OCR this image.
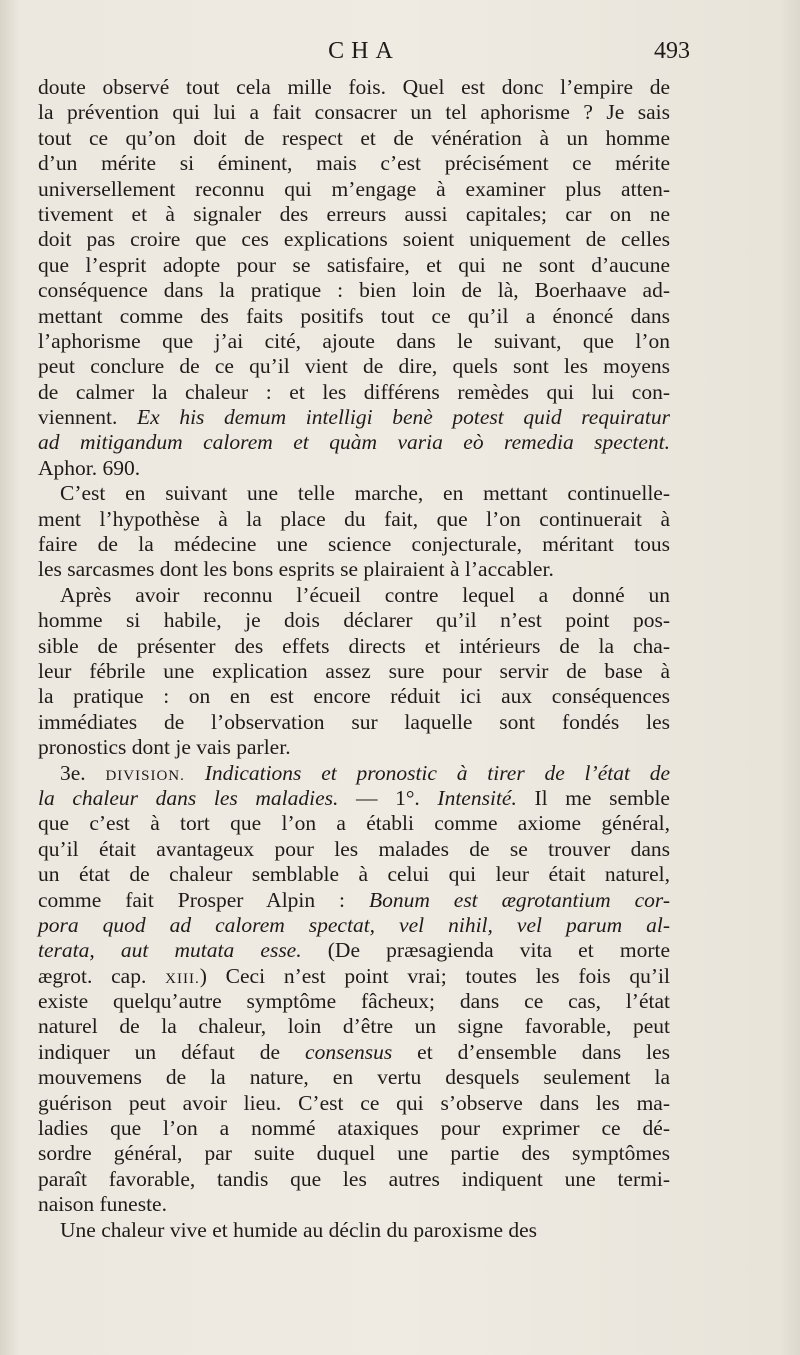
CHA	493
doute observé tout cela mille fois. Quel est donc l’empire de
la prévention qui lui a fait consacrer un tel aphorisme ? Je sais
tout ce qu’on doit de respect et de vénération à un homme
d’un mérite si éminent, mais c’est précisément ce mérite
universellement reconnu qui m’engage à examiner plus atten-
tivement et à signaler des erreurs aussi capitales; car on ne
doit pas croire que ces explications soient uniquement de celles
que l’esprit adopte pour se satisfaire, et qui ne sont d’aucune
conséquence dans la pratique : bien loin de là, Boerhaave ad-
mettant comme des faits positifs tout ce qu’il a énoncé dans
l’aphorisme que j’ai cité, ajoute dans le suivant, que l’on
peut conclure de ce qu’il vient de dire, quels sont les moyens
de calmer la chaleur : et les différens remèdes qui lui con-
viennent. Ex his demum intelligi benè potest quid requiratur
ad mitigandum calorem et quàm varia eò remedia spectent.
Aphor. 690.
C’est en suivant une telle marche, en mettant continuelle-
ment l’hypothèse à la place du fait, que l’on continuerait à
faire de la médecine une science conjecturale, méritant tous
les sarcasmes dont les bons esprits se plairaient à l’accabler.
Après avoir reconnu l’écueil contre lequel a donné un
homme si habile, je dois déclarer qu’il n’est point pos-
sible de présenter des effets directs et intérieurs de la cha-
leur fébrile une explication assez sure pour servir de base à
la pratique : on en est encore réduit ici aux conséquences
immédiates de l’observation sur laquelle sont fondés les
pronostics dont je vais parler.
3e. DIVISION. Indications et pronostic à tirer de l’état de
la chaleur dans les maladies. — 1°. Intensité. Il me semble
que c’est à tort que l’on a établi comme axiome général,
qu’il était avantageux pour les malades de se trouver dans
un état de chaleur semblable à celui qui leur était naturel,
comme fait Prosper Alpin : Bonum est ægrotantium cor-
pora quod ad calorem spectat, vel nihil, vel parum al-
terata, aut mutata esse. (De præsagienda vita et morte
ægrot. cap. XIII.) Ceci n’est point vrai; toutes les fois qu’il
existe quelqu’autre symptôme fâcheux; dans ce cas, l’état
naturel de la chaleur, loin d’être un signe favorable, peut
indiquer un défaut de consensus et d’ensemble dans les
mouvemens de la nature, en vertu desquels seulement la
guérison peut avoir lieu. C’est ce qui s’observe dans les ma-
ladies que l’on a nommé ataxiques pour exprimer ce dé-
sordre général, par suite duquel une partie des symptômes
paraît favorable, tandis que les autres indiquent une termi-
naison funeste.
Une chaleur vive et humide au déclin du paroxisme des
